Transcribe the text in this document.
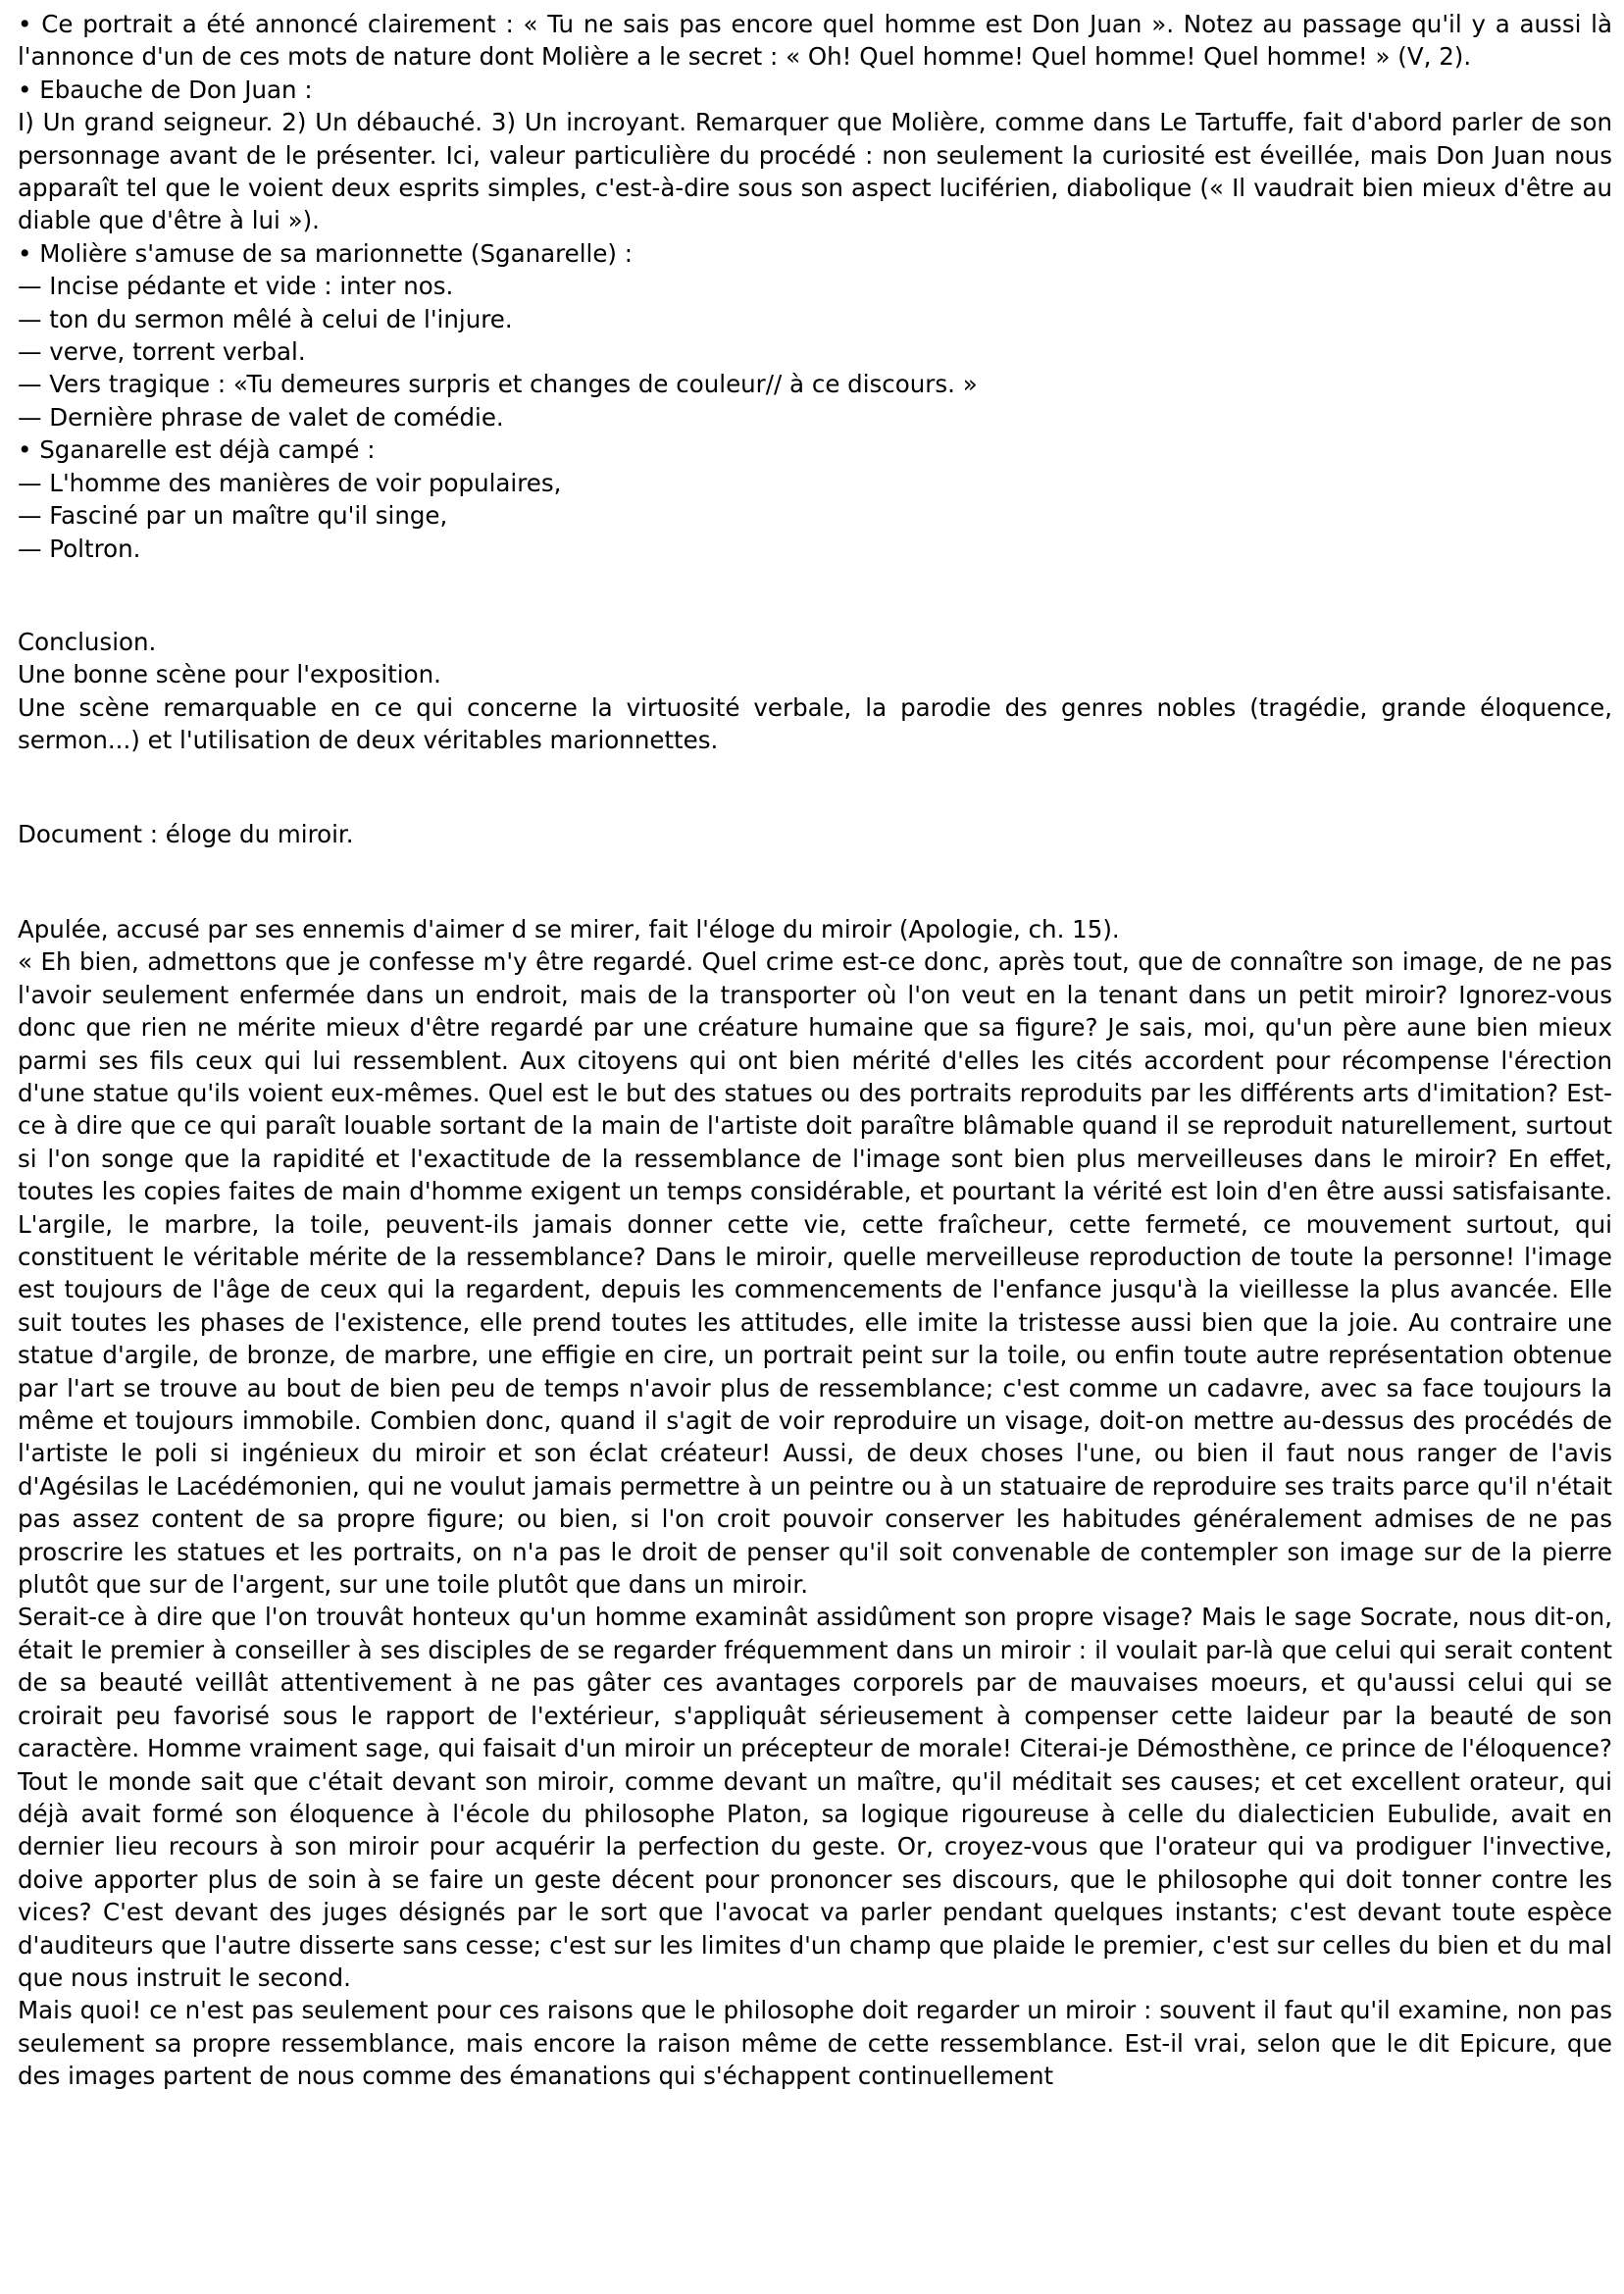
• Ce portrait a été annoncé clairement : « Tu ne sais pas encore quel homme est Don Juan ». Notez au passage qu'il y a aussi là l'annonce d'un de ces mots de nature dont Molière a le secret : « Oh! Quel homme! Quel homme! Quel homme! » (V, 2).
• Ebauche de Don Juan :
I) Un grand seigneur. 2) Un débauché. 3) Un incroyant. Remarquer que Molière, comme dans Le Tartuffe, fait d'abord parler de son personnage avant de le présenter. Ici, valeur particulière du procédé : non seulement la curiosité est éveillée, mais Don Juan nous apparaît tel que le voient deux esprits simples, c'est-à-dire sous son aspect luciférien, diabolique (« Il vaudrait bien mieux d'être au diable que d'être à lui »).
• Molière s'amuse de sa marionnette (Sganarelle) :
— Incise pédante et vide : inter nos.
— ton du sermon mêlé à celui de l'injure.
— verve, torrent verbal.
— Vers tragique : «Tu demeures surpris et changes de couleur// à ce discours. »
— Dernière phrase de valet de comédie.
• Sganarelle est déjà campé :
— L'homme des manières de voir populaires,
— Fasciné par un maître qu'il singe,
— Poltron.
Conclusion.
Une bonne scène pour l'exposition.
Une scène remarquable en ce qui concerne la virtuosité verbale, la parodie des genres nobles (tragédie, grande éloquence, sermon...) et l'utilisation de deux véritables marionnettes.
Document : éloge du miroir.
Apulée, accusé par ses ennemis d'aimer d se mirer, fait l'éloge du miroir (Apologie, ch. 15).
« Eh bien, admettons que je confesse m'y être regardé. Quel crime est-ce donc, après tout, que de connaître son image, de ne pas l'avoir seulement enfermée dans un endroit, mais de la transporter où l'on veut en la tenant dans un petit miroir? Ignorez-vous donc que rien ne mérite mieux d'être regardé par une créature humaine que sa figure? Je sais, moi, qu'un père aune bien mieux parmi ses fils ceux qui lui ressemblent. Aux citoyens qui ont bien mérité d'elles les cités accordent pour récompense l'érection d'une statue qu'ils voient eux-mêmes. Quel est le but des statues ou des portraits reproduits par les différents arts d'imitation? Est-ce à dire que ce qui paraît louable sortant de la main de l'artiste doit paraître blâmable quand il se reproduit naturellement, surtout si l'on songe que la rapidité et l'exactitude de la ressemblance de l'image sont bien plus merveilleuses dans le miroir? En effet, toutes les copies faites de main d'homme exigent un temps considérable, et pourtant la vérité est loin d'en être aussi satisfaisante. L'argile, le marbre, la toile, peuvent-ils jamais donner cette vie, cette fraîcheur, cette fermeté, ce mouvement surtout, qui constituent le véritable mérite de la ressemblance? Dans le miroir, quelle merveilleuse reproduction de toute la personne! l'image est toujours de l'âge de ceux qui la regardent, depuis les commencements de l'enfance jusqu'à la vieillesse la plus avancée. Elle suit toutes les phases de l'existence, elle prend toutes les attitudes, elle imite la tristesse aussi bien que la joie. Au contraire une statue d'argile, de bronze, de marbre, une effigie en cire, un portrait peint sur la toile, ou enfin toute autre représentation obtenue par l'art se trouve au bout de bien peu de temps n'avoir plus de ressemblance; c'est comme un cadavre, avec sa face toujours la même et toujours immobile. Combien donc, quand il s'agit de voir reproduire un visage, doit-on mettre au-dessus des procédés de l'artiste le poli si ingénieux du miroir et son éclat créateur! Aussi, de deux choses l'une, ou bien il faut nous ranger de l'avis d'Agésilas le Lacédémonien, qui ne voulut jamais permettre à un peintre ou à un statuaire de reproduire ses traits parce qu'il n'était pas assez content de sa propre figure; ou bien, si l'on croit pouvoir conserver les habitudes généralement admises de ne pas proscrire les statues et les portraits, on n'a pas le droit de penser qu'il soit convenable de contempler son image sur de la pierre plutôt que sur de l'argent, sur une toile plutôt que dans un miroir.
Serait-ce à dire que l'on trouvât honteux qu'un homme examinât assidûment son propre visage? Mais le sage Socrate, nous dit-on, était le premier à conseiller à ses disciples de se regarder fréquemment dans un miroir : il voulait par-là que celui qui serait content de sa beauté veillât attentivement à ne pas gâter ces avantages corporels par de mauvaises moeurs, et qu'aussi celui qui se croirait peu favorisé sous le rapport de l'extérieur, s'appliquât sérieusement à compenser cette laideur par la beauté de son caractère. Homme vraiment sage, qui faisait d'un miroir un précepteur de morale! Citerai-je Démosthène, ce prince de l'éloquence? Tout le monde sait que c'était devant son miroir, comme devant un maître, qu'il méditait ses causes; et cet excellent orateur, qui déjà avait formé son éloquence à l'école du philosophe Platon, sa logique rigoureuse à celle du dialecticien Eubulide, avait en dernier lieu recours à son miroir pour acquérir la perfection du geste. Or, croyez-vous que l'orateur qui va prodiguer l'invective, doive apporter plus de soin à se faire un geste décent pour prononcer ses discours, que le philosophe qui doit tonner contre les vices? C'est devant des juges désignés par le sort que l'avocat va parler pendant quelques instants; c'est devant toute espèce d'auditeurs que l'autre disserte sans cesse; c'est sur les limites d'un champ que plaide le premier, c'est sur celles du bien et du mal que nous instruit le second.
Mais quoi! ce n'est pas seulement pour ces raisons que le philosophe doit regarder un miroir : souvent il faut qu'il examine, non pas seulement sa propre ressemblance, mais encore la raison même de cette ressemblance. Est-il vrai, selon que le dit Epicure, que des images partent de nous comme des émanations qui s'échappent continuellement
